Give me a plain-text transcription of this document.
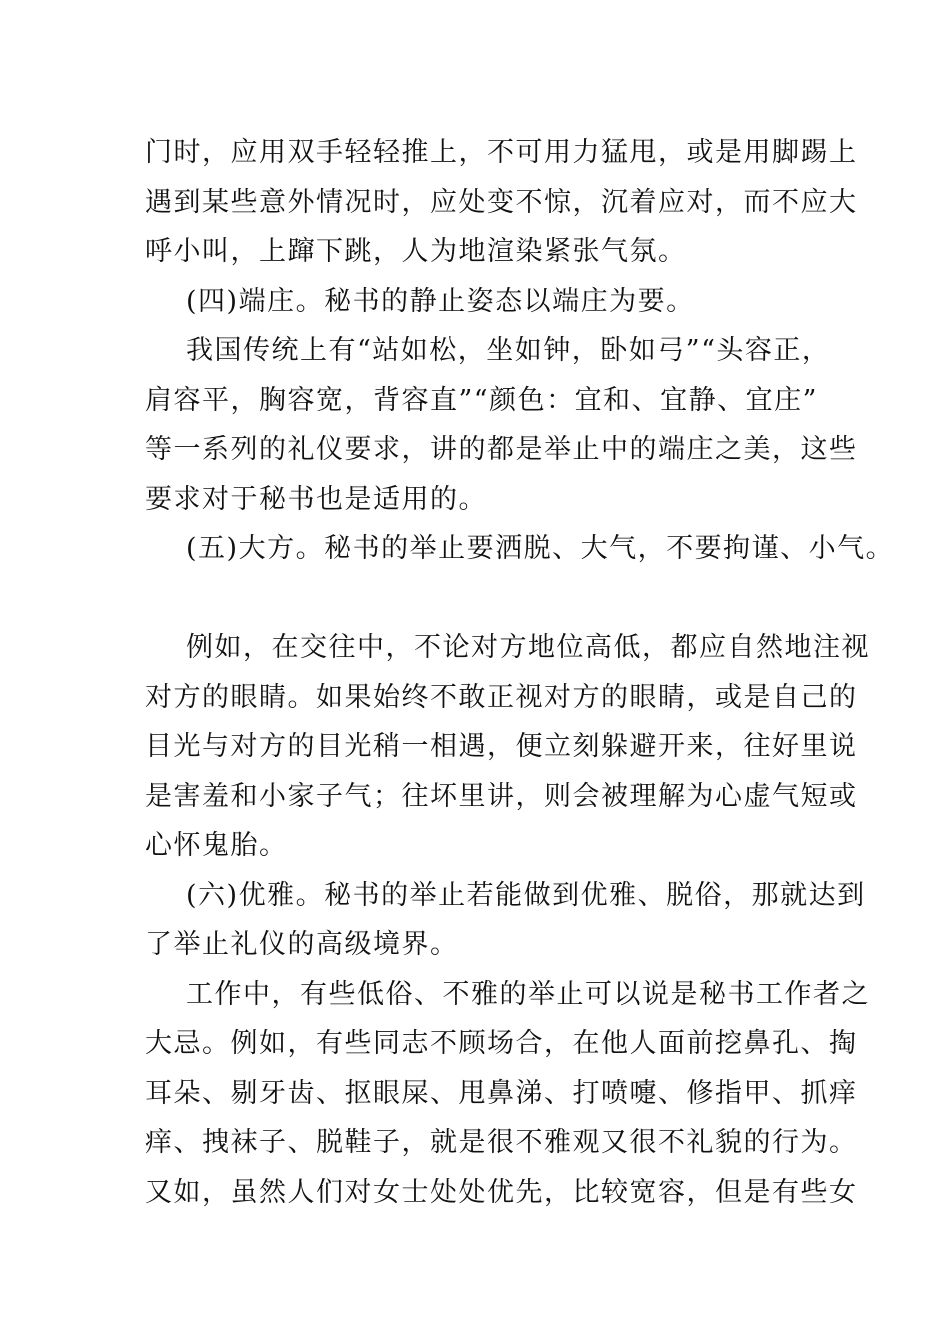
门时，应用双手轻轻推上，不可用力猛甩，或是用脚踢上
遇到某些意外情况时，应处变不惊，沉着应对，而不应大
呼小叫，上蹿下跳，人为地渲染紧张气氛。
(四)端庄。秘书的静止姿态以端庄为要。
我国传统上有“站如松，坐如钟，卧如弓”“头容正，
肩容平，胸容宽，背容直”“颜色：宜和、宜静、宜庄”
等一系列的礼仪要求，讲的都是举止中的端庄之美，这些
要求对于秘书也是适用的。
(五)大方。秘书的举止要洒脱、大气，不要拘谨、小气。
例如，在交往中，不论对方地位高低，都应自然地注视
对方的眼睛。如果始终不敢正视对方的眼睛，或是自己的
目光与对方的目光稍一相遇，便立刻躲避开来，往好里说
是害羞和小家子气；往坏里讲，则会被理解为心虚气短或
心怀鬼胎。
(六)优雅。秘书的举止若能做到优雅、脱俗，那就达到
了举止礼仪的高级境界。
工作中，有些低俗、不雅的举止可以说是秘书工作者之
大忌。例如，有些同志不顾场合，在他人面前挖鼻孔、掏
耳朵、剔牙齿、抠眼屎、甩鼻涕、打喷嚏、修指甲、抓痒
痒、拽袜子、脱鞋子，就是很不雅观又很不礼貌的行为。
又如，虽然人们对女士处处优先，比较宽容，但是有些女
